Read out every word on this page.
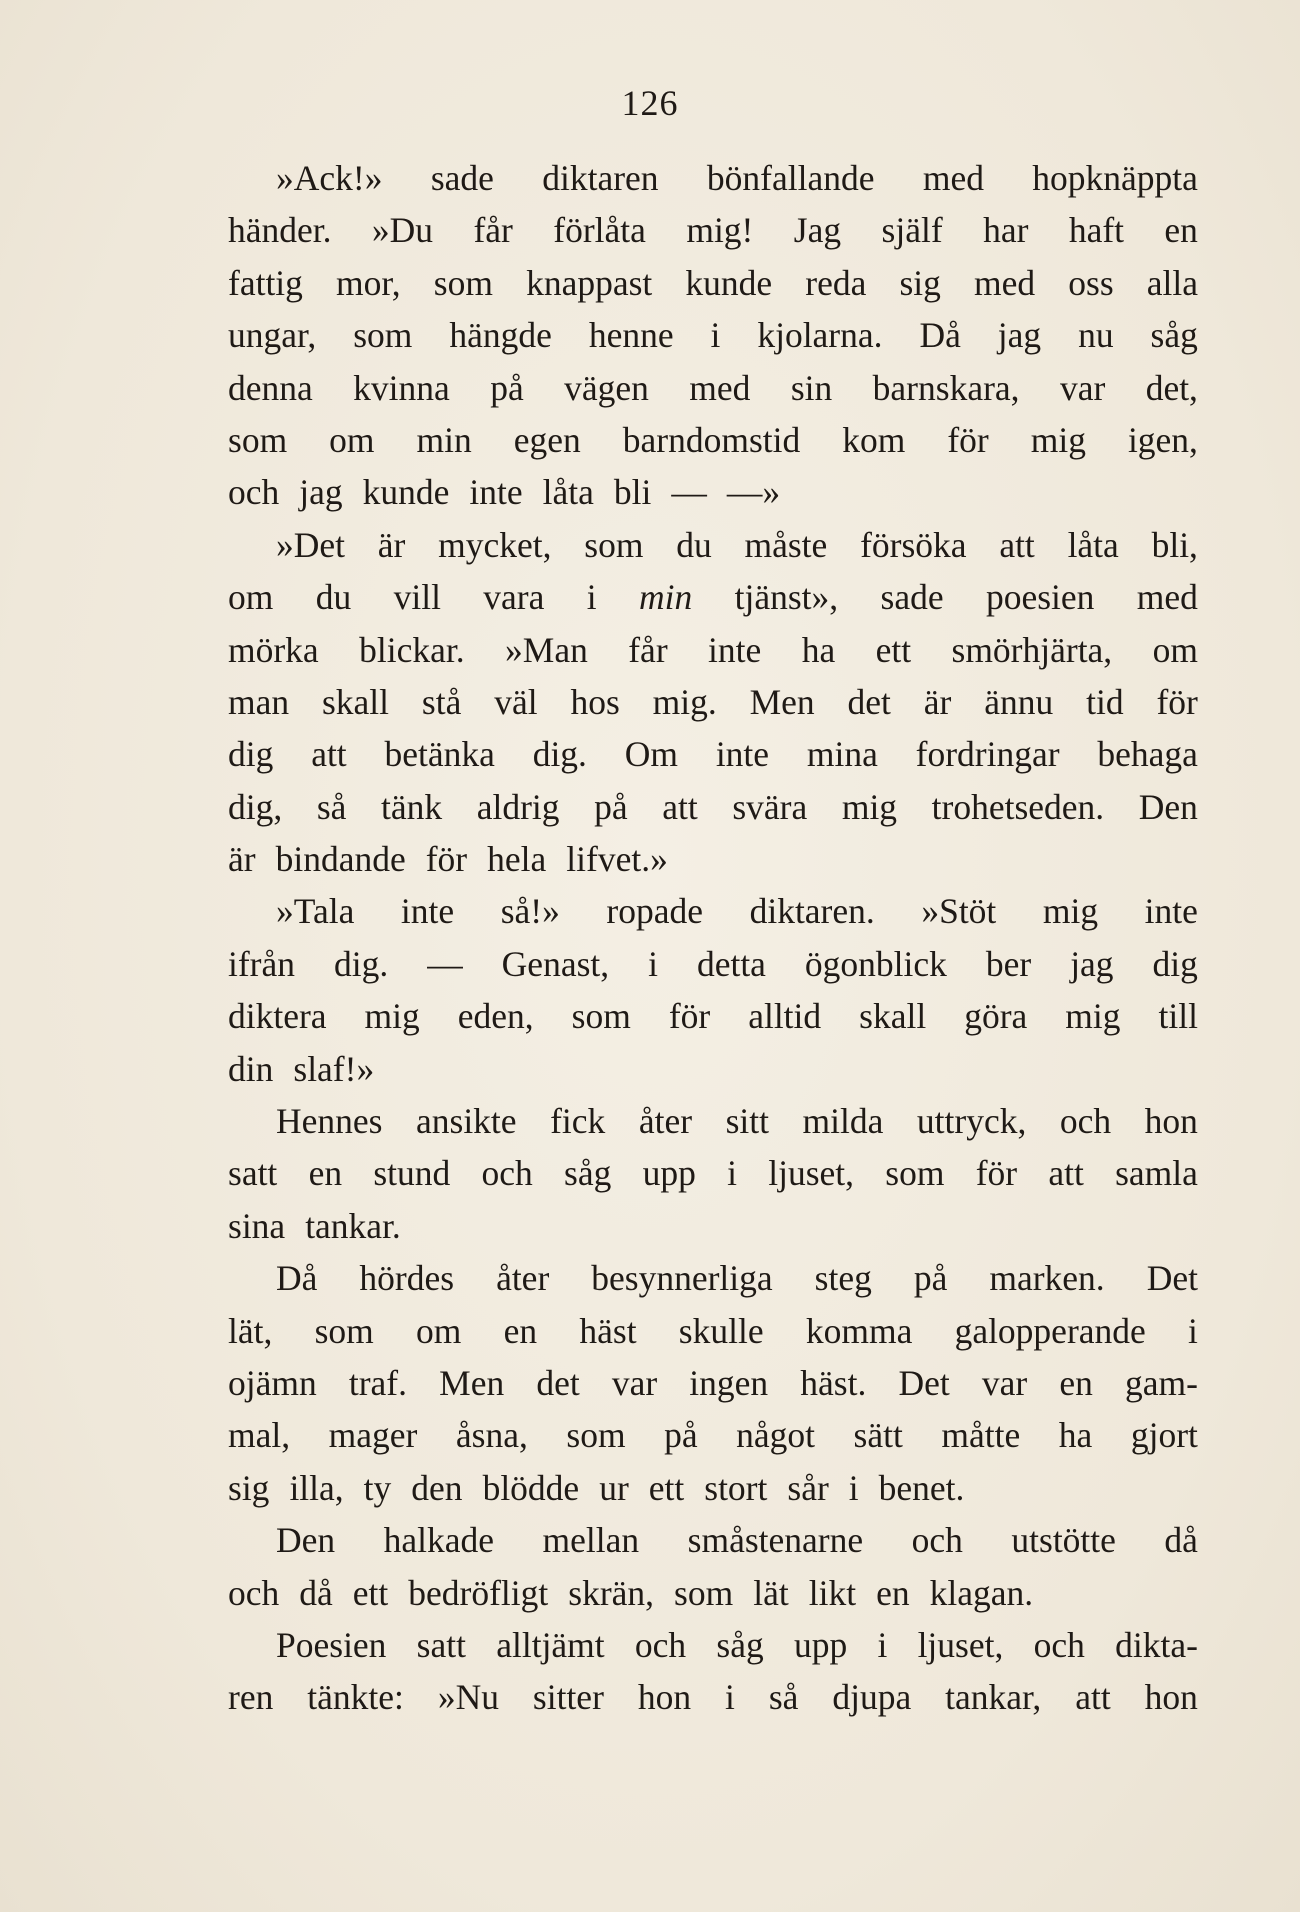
126
»Ack!» sade diktaren bönfallande med hopknäppta
händer. »Du får förlåta mig! Jag själf har haft en
fattig mor, som knappast kunde reda sig med oss alla
ungar, som hängde henne i kjolarna. Då jag nu såg
denna kvinna på vägen med sin barnskara, var det,
som om min egen barndomstid kom för mig igen,
och jag kunde inte låta bli — —»
»Det är mycket, som du måste försöka att låta bli,
om du vill vara i min tjänst», sade poesien med
mörka blickar. »Man får inte ha ett smörhjärta, om
man skall stå väl hos mig. Men det är ännu tid för
dig att betänka dig. Om inte mina fordringar behaga
dig, så tänk aldrig på att svära mig trohetseden. Den
är bindande för hela lifvet.»
»Tala inte så!» ropade diktaren. »Stöt mig inte
ifrån dig. — Genast, i detta ögonblick ber jag dig
diktera mig eden, som för alltid skall göra mig till
din slaf!»
Hennes ansikte fick åter sitt milda uttryck, och hon
satt en stund och såg upp i ljuset, som för att samla
sina tankar.
Då hördes åter besynnerliga steg på marken. Det
lät, som om en häst skulle komma galopperande i
ojämn traf. Men det var ingen häst. Det var en gam-
mal, mager åsna, som på något sätt måtte ha gjort
sig illa, ty den blödde ur ett stort sår i benet.
Den halkade mellan småstenarne och utstötte då
och då ett bedröfligt skrän, som lät likt en klagan.
Poesien satt alltjämt och såg upp i ljuset, och dikta-
ren tänkte: »Nu sitter hon i så djupa tankar, att hon
